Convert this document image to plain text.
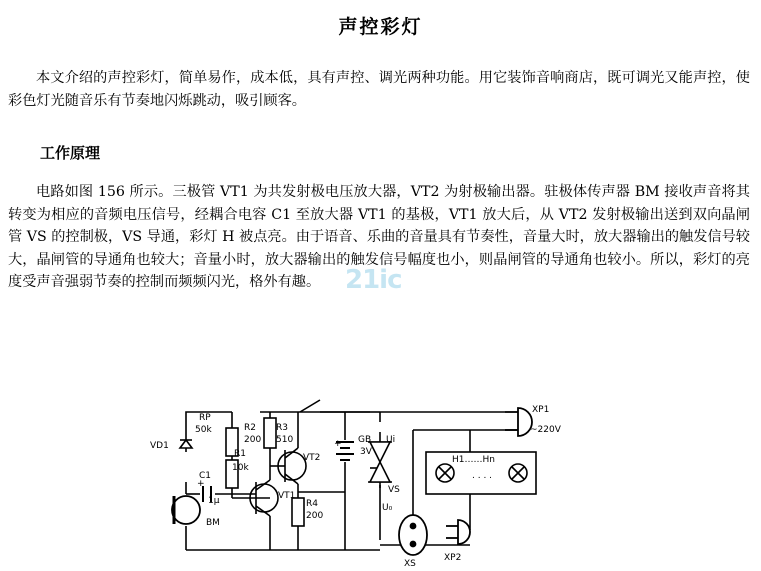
声控彩灯

本文介绍的声控彩灯，简单易作，成本低，具有声控、调光两种功能。用它装饰音响商店，既可调光又能声控，使彩色灯光随音乐有节奏地闪烁跳动，吸引顾客。

工作原理

电路如图 156 所示。三极管 VT1 为共发射极电压放大器，VT2 为射极输出器。驻极体传声器 BM 接收声音将其转变为相应的音频电压信号，经耦合电容 C1 至放大器 VT1 的基极，VT1 放大后，从 VT2 发射极输出送到双向晶闸管 VS 的控制极，VS 导通，彩灯 H 被点亮。由于语音、乐曲的音量具有节奏性，音量大时，放大器输出的触发信号较大，晶闸管的导通角也较大；音量小时，放大器输出的触发信号幅度也小，则晶闸管的导通角也较小。所以，彩灯的亮度受声音强弱节奏的控制而频频闪光，格外有趣。 21ic
. . . .
RP
50k	R2
200
R1
10k
VD1
C1
1μ
+
BM
R3
510
VT1
VT2
R4
200
GB
3V
+	Ui
VS
U₀
XP1
~220V
H1……Hn
XS
XP2
